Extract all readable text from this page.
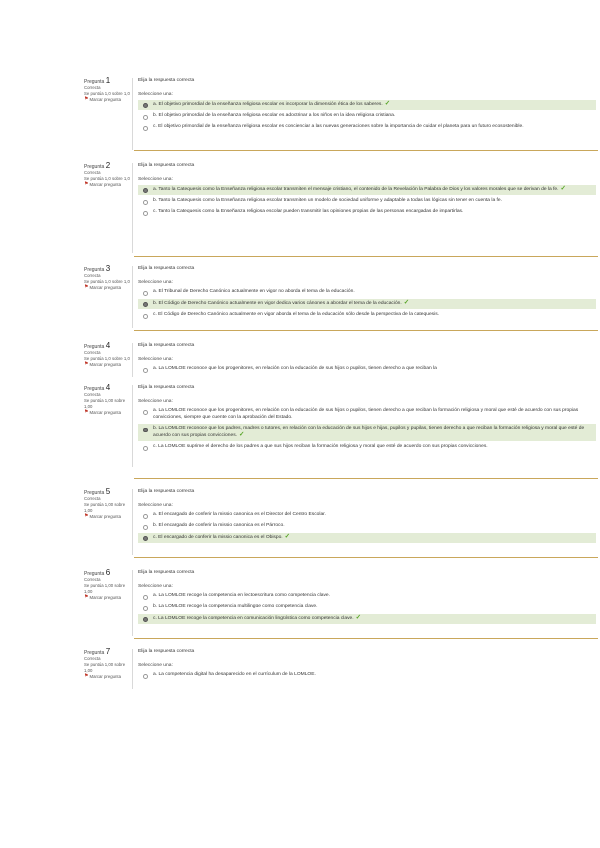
Pregunta 1
Correcta
Se puntúa 1,0 sobre 1,0
⚑ Marcar pregunta
Elija la respuesta correcta
Seleccione una:
a. El objetivo primordial de la enseñanza religiosa escolar es incorporar la dimensión ética de los saberes. ✓
b. El objetivo primordial de la enseñanza religiosa escolar es adoctrinar a los niños en la idea religiosa cristiana.
c. El objetivo primordial de la enseñanza religiosa escolar es concienciar a las nuevas generaciones sobre la importancia de cuidar el planeta para un futuro ecosostenible.
Pregunta 2
Correcta
Se puntúa 1,0 sobre 1,0
⚑ Marcar pregunta
Elija la respuesta correcta
Seleccione una:
a. Tanto la Catequesis como la Enseñanza religiosa escolar transmiten el mensaje cristiano, el contenido de la Revelación la Palabra de Dios y los valores morales que se derivan de la fe. ✓
b. Tanto la Catequesis como la Enseñanza religiosa escolar transmiten un modelo de sociedad uniforme y adaptable a todas las lógicas sin tener en cuenta la fe.
c. Tanto la Catequesis como la Enseñanza religiosa escolar pueden transmitir las opiniones propias de las personas encargadas de impartirlas.
Pregunta 3
Correcta
Se puntúa 1,0 sobre 1,0
⚑ Marcar pregunta
Elija la respuesta correcta
Seleccione una:
a. El Tribunal de Derecho Canónico actualmente en vigor no aborda el tema de la educación.
b. El Código de Derecho Canónico actualmente en vigor dedica varios cánones a abordar el tema de la educación. ✓
c. El Código de Derecho Canónico actualmente en vigor aborda el tema de la educación sólo desde la perspectiva de la catequesis.
Pregunta 4
Correcta
Se puntúa 1,0 sobre 1,0
⚑ Marcar pregunta
Elija la respuesta correcta
Seleccione una:
a. La LOMLOE reconoce que los progenitores, en relación con la educación de sus hijos o pupilos, tienen derecho a que reciban la
Pregunta 4
Correcta
Se puntúa 1,00 sobre 1,00
⚑ Marcar pregunta
Elija la respuesta correcta
Seleccione una:
a. La LOMLOE reconoce que los progenitores, en relación con la educación de sus hijos o pupilos, tienen derecho a que reciban la formación religiosa y moral que esté de acuerdo con sus propias convicciones, siempre que cuente con la aprobación del Estado.
b. La LOMLOE reconoce que los padres, madres o tutores, en relación con la educación de sus hijos e hijas, pupilos y pupilas, tienen derecho a que reciban la formación religiosa y moral que esté de acuerdo con sus propias convicciones. ✓
c. La LOMLOE suprime el derecho de los padres a que sus hijos reciban la formación religiosa y moral que esté de acuerdo con sus propias convicciones.
Pregunta 5
Correcta
Se puntúa 1,00 sobre 1,00
⚑ Marcar pregunta
Elija la respuesta correcta
Seleccione una:
a. El encargado de conferir la missio canonica es el Director del Centro Escolar.
b. El encargado de conferir la missio canonica es el Párroco.
c. El encargado de conferir la missio canonica es el Obispo. ✓
Pregunta 6
Correcta
Se puntúa 1,00 sobre 1,00
⚑ Marcar pregunta
Elija la respuesta correcta
Seleccione una:
a. La LOMLOE recoge la competencia en lectoescritura como competencia clave.
b. La LOMLOE recoge la competencia multilingüe como competencia clave.
c. La LOMLOE recoge la competencia en comunicación lingüística como competencia clave. ✓
Pregunta 7
Correcta
Se puntúa 1,00 sobre 1,00
⚑ Marcar pregunta
Elija la respuesta correcta
Seleccione una:
a. La competencia digital ha desaparecido en el currículum de la LOMLOE.
